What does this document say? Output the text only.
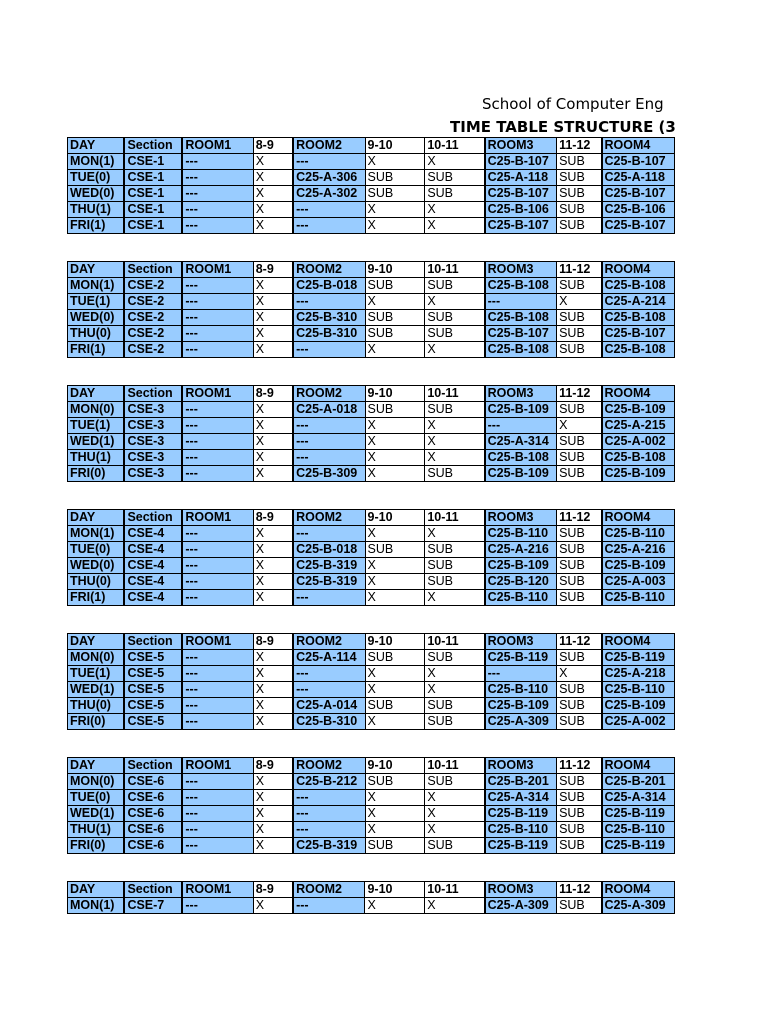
School of Computer Eng
TIME TABLE STRUCTURE (3
DAY	Section	ROOM1	8-9	ROOM2	9-10	10-11	ROOM3	11-12	ROOM4
MON(1)	CSE-1	---	X	---	X	X	C25-B-107	SUB	C25-B-107
TUE(0)	CSE-1	---	X	C25-A-306	SUB	SUB	C25-A-118	SUB	C25-A-118
WED(0)	CSE-1	---	X	C25-A-302	SUB	SUB	C25-B-107	SUB	C25-B-107
THU(1)	CSE-1	---	X	---	X	X	C25-B-106	SUB	C25-B-106
FRI(1)	CSE-1	---	X	---	X	X	C25-B-107	SUB	C25-B-107
DAY	Section	ROOM1	8-9	ROOM2	9-10	10-11	ROOM3	11-12	ROOM4
MON(1)	CSE-2	---	X	C25-B-018	SUB	SUB	C25-B-108	SUB	C25-B-108
TUE(1)	CSE-2	---	X	---	X	X	---	X	C25-A-214
WED(0)	CSE-2	---	X	C25-B-310	SUB	SUB	C25-B-108	SUB	C25-B-108
THU(0)	CSE-2	---	X	C25-B-310	SUB	SUB	C25-B-107	SUB	C25-B-107
FRI(1)	CSE-2	---	X	---	X	X	C25-B-108	SUB	C25-B-108
DAY	Section	ROOM1	8-9	ROOM2	9-10	10-11	ROOM3	11-12	ROOM4
MON(0)	CSE-3	---	X	C25-A-018	SUB	SUB	C25-B-109	SUB	C25-B-109
TUE(1)	CSE-3	---	X	---	X	X	---	X	C25-A-215
WED(1)	CSE-3	---	X	---	X	X	C25-A-314	SUB	C25-A-002
THU(1)	CSE-3	---	X	---	X	X	C25-B-108	SUB	C25-B-108
FRI(0)	CSE-3	---	X	C25-B-309	X	SUB	C25-B-109	SUB	C25-B-109
DAY	Section	ROOM1	8-9	ROOM2	9-10	10-11	ROOM3	11-12	ROOM4
MON(1)	CSE-4	---	X	---	X	X	C25-B-110	SUB	C25-B-110
TUE(0)	CSE-4	---	X	C25-B-018	SUB	SUB	C25-A-216	SUB	C25-A-216
WED(0)	CSE-4	---	X	C25-B-319	X	SUB	C25-B-109	SUB	C25-B-109
THU(0)	CSE-4	---	X	C25-B-319	X	SUB	C25-B-120	SUB	C25-A-003
FRI(1)	CSE-4	---	X	---	X	X	C25-B-110	SUB	C25-B-110
DAY	Section	ROOM1	8-9	ROOM2	9-10	10-11	ROOM3	11-12	ROOM4
MON(0)	CSE-5	---	X	C25-A-114	SUB	SUB	C25-B-119	SUB	C25-B-119
TUE(1)	CSE-5	---	X	---	X	X	---	X	C25-A-218
WED(1)	CSE-5	---	X	---	X	X	C25-B-110	SUB	C25-B-110
THU(0)	CSE-5	---	X	C25-A-014	SUB	SUB	C25-B-109	SUB	C25-B-109
FRI(0)	CSE-5	---	X	C25-B-310	X	SUB	C25-A-309	SUB	C25-A-002
DAY	Section	ROOM1	8-9	ROOM2	9-10	10-11	ROOM3	11-12	ROOM4
MON(0)	CSE-6	---	X	C25-B-212	SUB	SUB	C25-B-201	SUB	C25-B-201
TUE(0)	CSE-6	---	X	---	X	X	C25-A-314	SUB	C25-A-314
WED(1)	CSE-6	---	X	---	X	X	C25-B-119	SUB	C25-B-119
THU(1)	CSE-6	---	X	---	X	X	C25-B-110	SUB	C25-B-110
FRI(0)	CSE-6	---	X	C25-B-319	SUB	SUB	C25-B-119	SUB	C25-B-119
DAY	Section	ROOM1	8-9	ROOM2	9-10	10-11	ROOM3	11-12	ROOM4
MON(1)	CSE-7	---	X	---	X	X	C25-A-309	SUB	C25-A-309
